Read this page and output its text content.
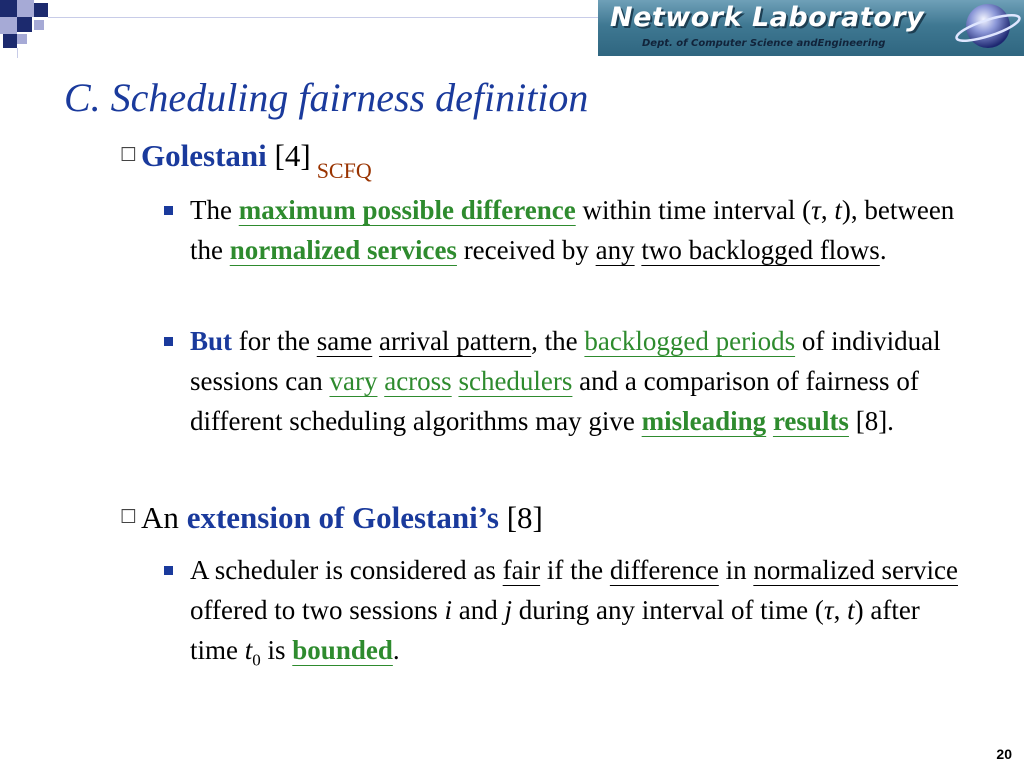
Network Laboratory
Dept. of Computer Science andEngineering
C. Scheduling fairness definition
☐ Golestani [4] $_{SCFQ}$
The maximum possible difference within time interval (τ, t), between the normalized services received by any two backlogged flows.
But for the same arrival pattern, the backlogged periods of individual sessions can vary across schedulers and a comparison of fairness of different scheduling algorithms may give misleading results [8].
☐ An extension of Golestani’s [8]
A scheduler is considered as fair if the difference in normalized service offered to two sessions i and j during any interval of time (τ, t) after time $t_0$ is bounded.
20
